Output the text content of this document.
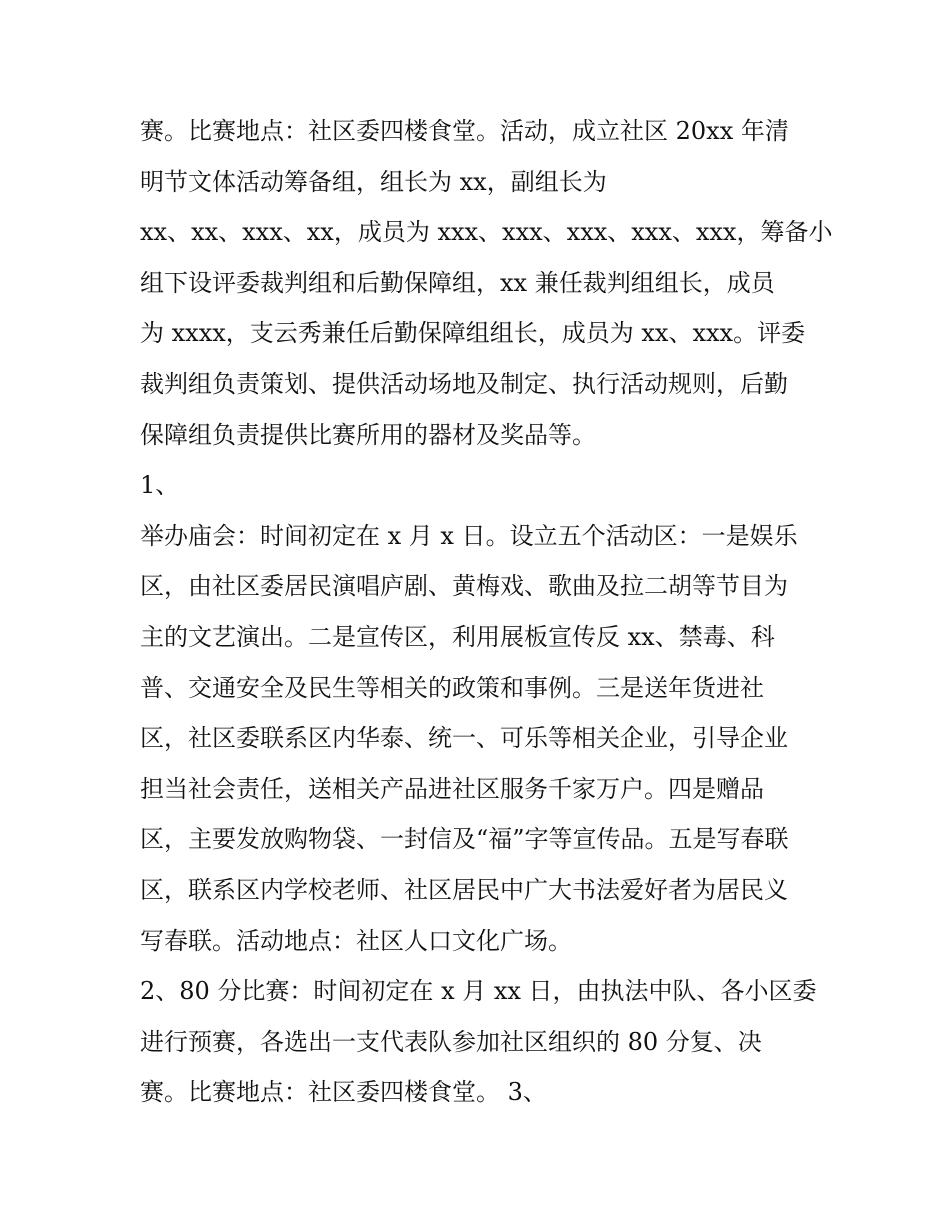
赛。比赛地点：社区委四楼食堂。活动，成立社区 20xx 年清
明节文体活动筹备组，组长为 xx，副组长为
xx、xx、xxx、xx，成员为 xxx、xxx、xxx、xxx、xxx，筹备小
组下设评委裁判组和后勤保障组，xx 兼任裁判组组长，成员
为 xxxx，支云秀兼任后勤保障组组长，成员为 xx、xxx。评委
裁判组负责策划、提供活动场地及制定、执行活动规则，后勤
保障组负责提供比赛所用的器材及奖品等。
1、
举办庙会：时间初定在 x 月 x 日。设立五个活动区：一是娱乐
区，由社区委居民演唱庐剧、黄梅戏、歌曲及拉二胡等节目为
主的文艺演出。二是宣传区，利用展板宣传反 xx、禁毒、科
普、交通安全及民生等相关的政策和事例。三是送年货进社
区，社区委联系区内华泰、统一、可乐等相关企业，引导企业
担当社会责任，送相关产品进社区服务千家万户。四是赠品
区，主要发放购物袋、一封信及“福”字等宣传品。五是写春联
区，联系区内学校老师、社区居民中广大书法爱好者为居民义
写春联。活动地点：社区人口文化广场。
2、80 分比赛：时间初定在 x 月 xx 日，由执法中队、各小区委
进行预赛，各选出一支代表队参加社区组织的 80 分复、决
赛。比赛地点：社区委四楼食堂。 3、
